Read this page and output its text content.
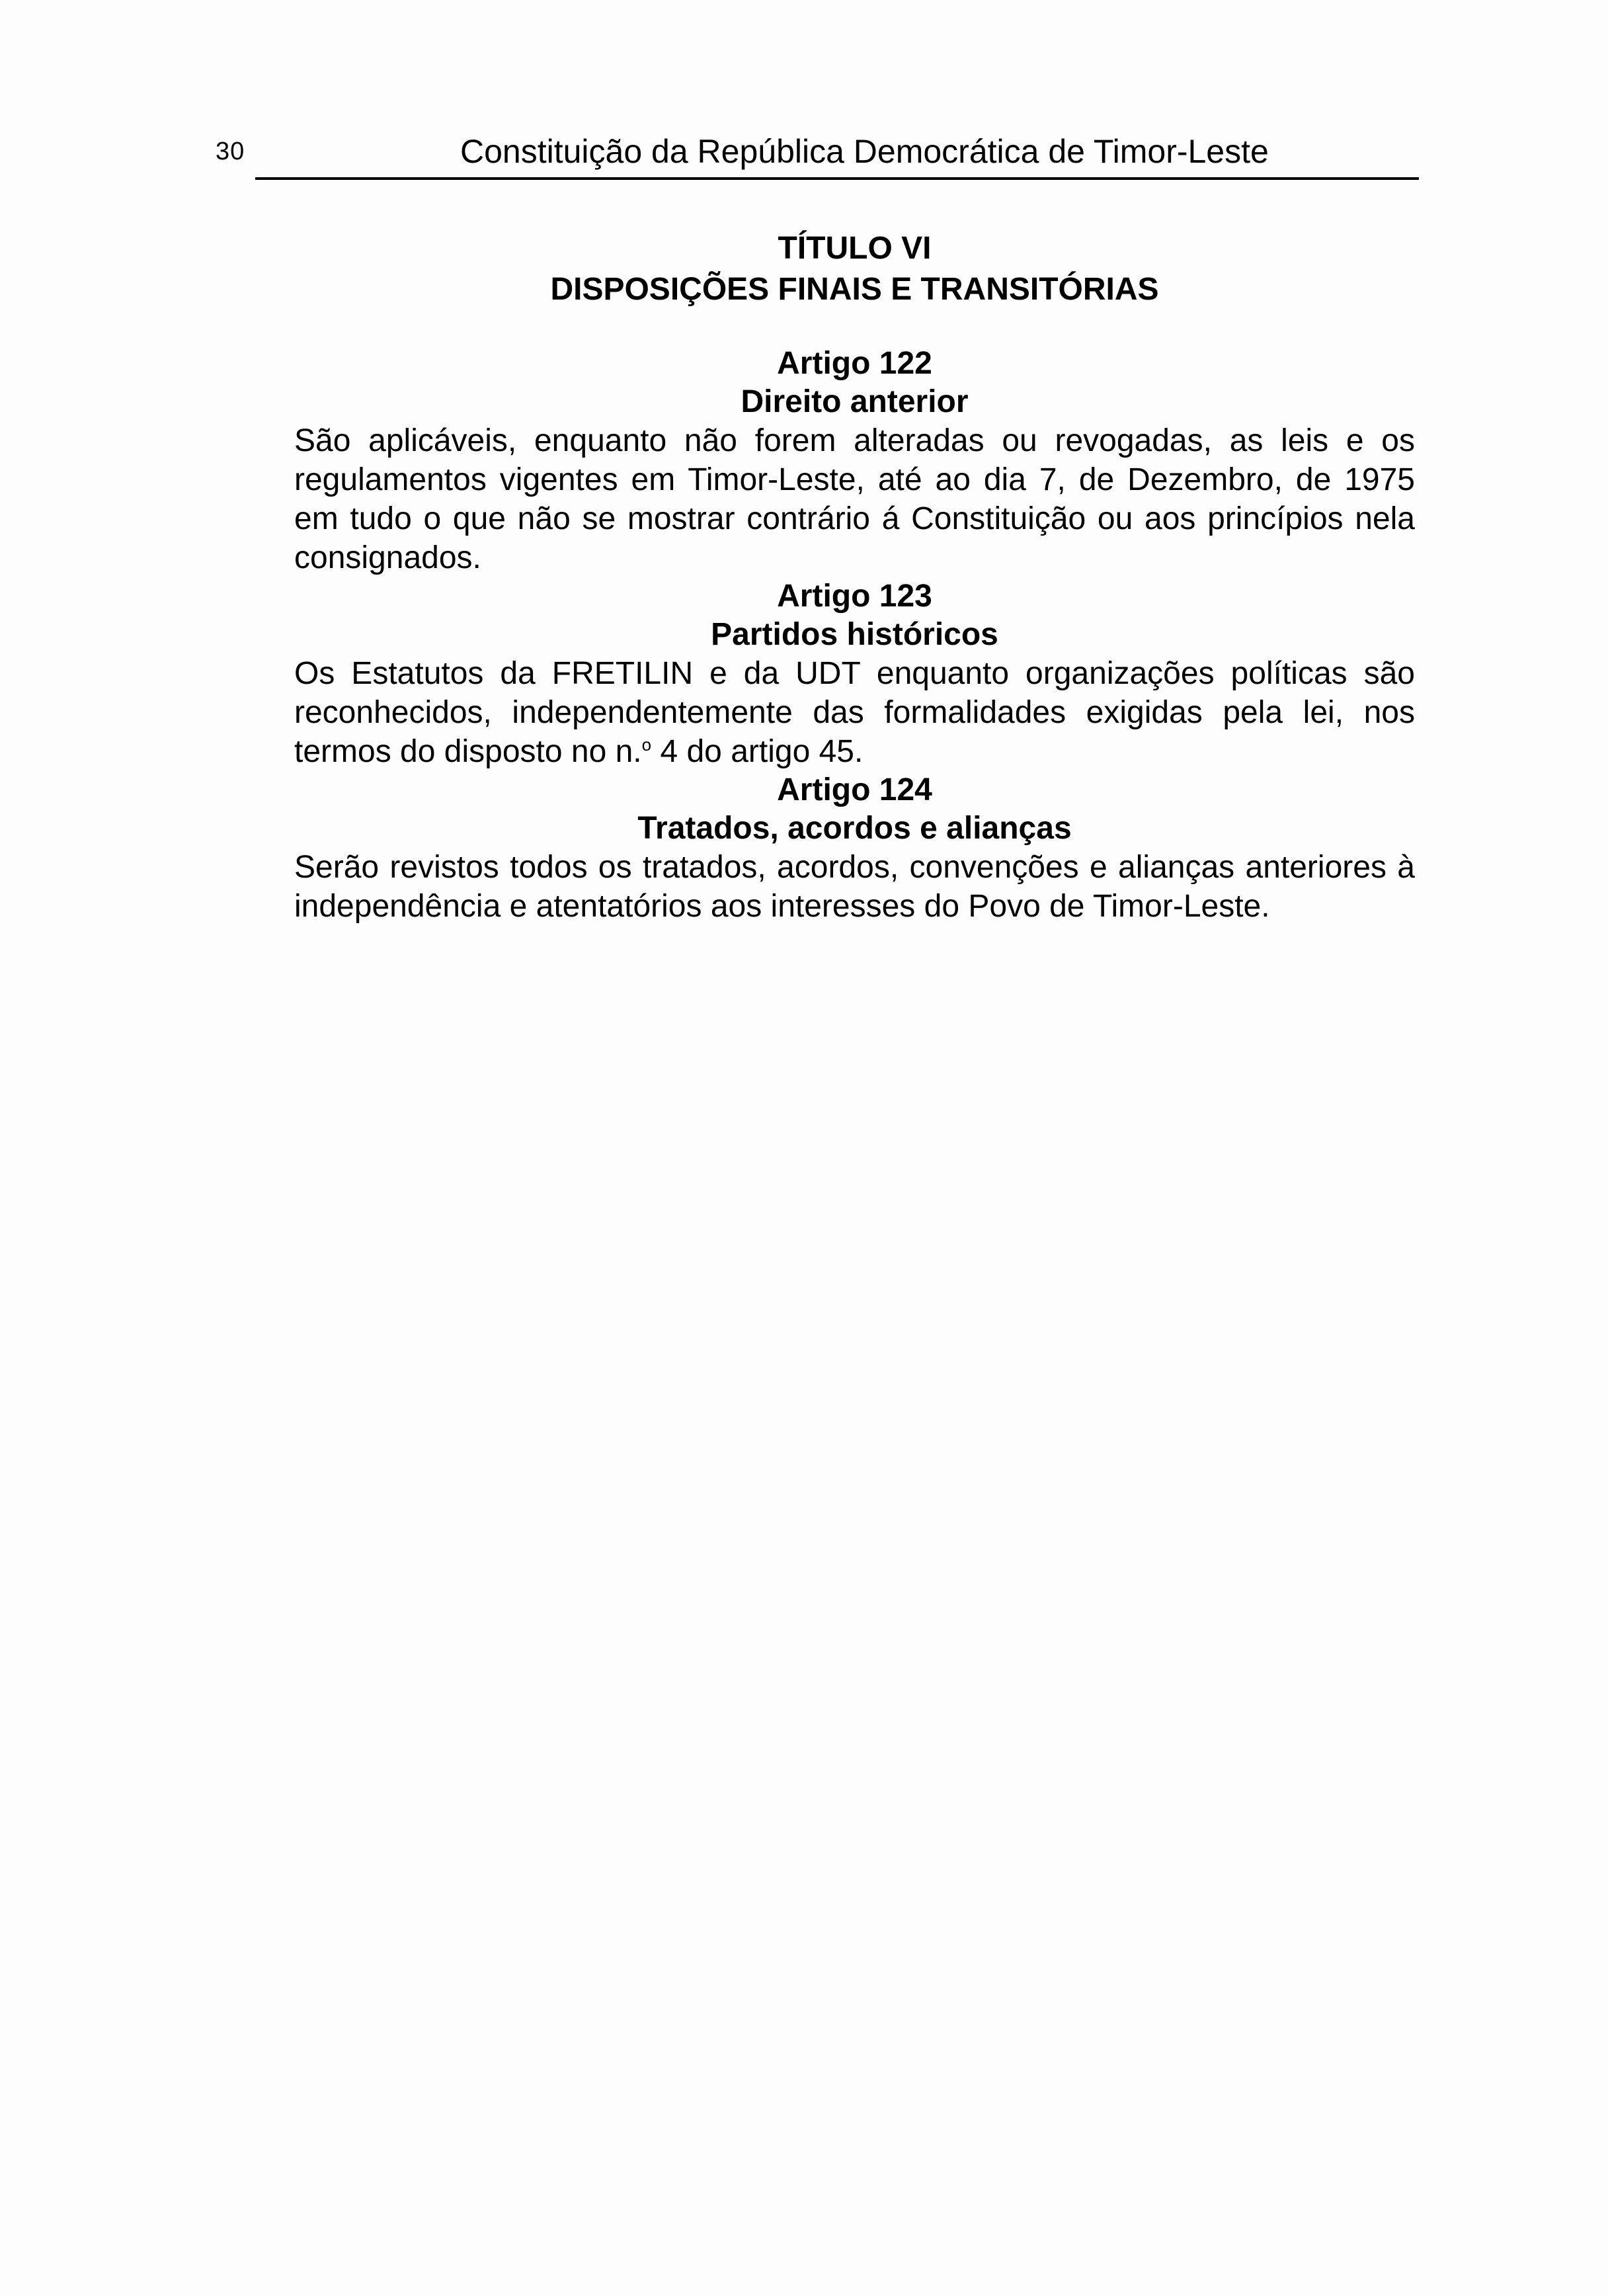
30	Constituição da República Democrática de Timor-Leste
TÍTULO VI
DISPOSIÇÕES FINAIS E TRANSITÓRIAS

Artigo 122

Direito anterior

São aplicáveis, enquanto não forem alteradas ou revogadas, as leis e os regulamentos vigentes em Timor-Leste, até ao dia 7, de Dezembro, de 1975 em tudo o que não se mostrar contrário á Constituição ou aos princípios nela consignados.

Artigo 123

Partidos históricos

Os Estatutos da FRETILIN e da UDT enquanto organizações políticas são reconhecidos, independentemente das formalidades exigidas pela lei, nos termos do disposto no n.$^o$ 4 do artigo 45.

Artigo 124

Tratados, acordos e alianças

Serão revistos todos os tratados, acordos, convenções e alianças anteriores à independência e atentatórios aos interesses do Povo de Timor-Leste.
